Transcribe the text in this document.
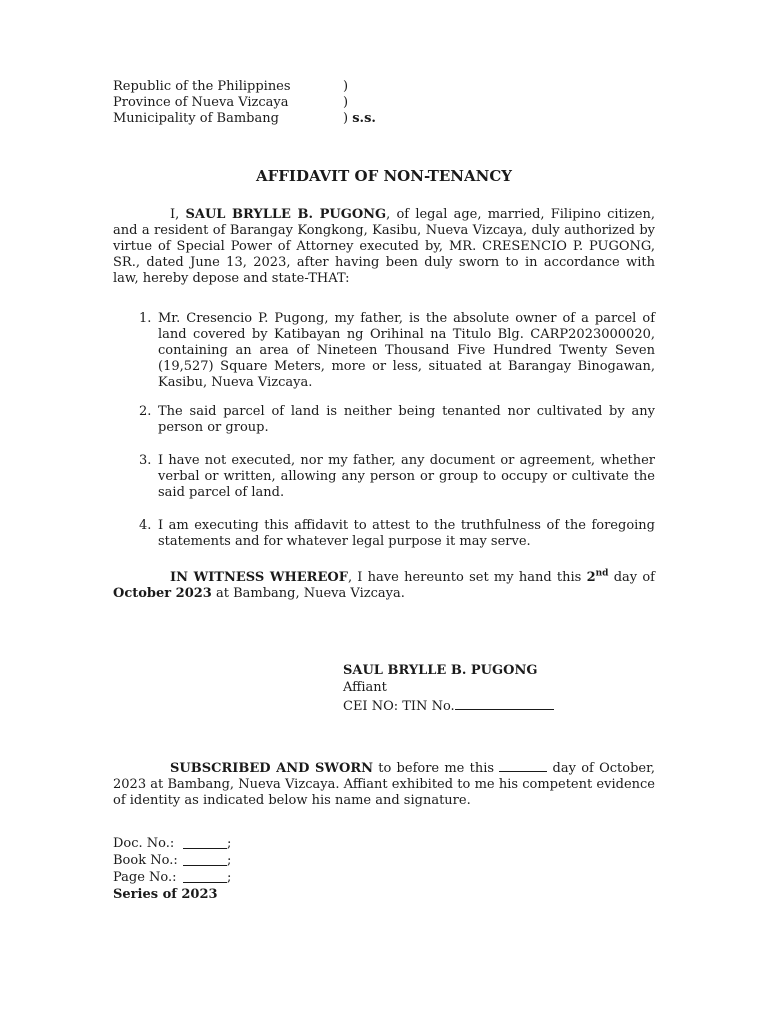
Republic of the Philippines	)
Province of Nueva Vizcaya	)
Municipality of Bambang	) s.s.
AFFIDAVIT OF NON-TENANCY
I, SAUL BRYLLE B. PUGONG, of legal age, married, Filipino citizen, and a resident of Barangay Kongkong, Kasibu, Nueva Vizcaya, duly authorized by virtue of Special Power of Attorney executed by, MR. CRESENCIO P. PUGONG, SR., dated June 13, 2023, after having been duly sworn to in accordance with law, hereby depose and state-THAT:
1. Mr. Cresencio P. Pugong, my father, is the absolute owner of a parcel of land covered by Katibayan ng Orihinal na Titulo Blg. CARP2023000020, containing an area of Nineteen Thousand Five Hundred Twenty Seven (19,527) Square Meters, more or less, situated at Barangay Binogawan, Kasibu, Nueva Vizcaya.
2. The said parcel of land is neither being tenanted nor cultivated by any person or group.
3. I have not executed, nor my father, any document or agreement, whether verbal or written, allowing any person or group to occupy or cultivate the said parcel of land.
4. I am executing this affidavit to attest to the truthfulness of the foregoing statements and for whatever legal purpose it may serve.
IN WITNESS WHEREOF, I have hereunto set my hand this 2nd day of October 2023 at Bambang, Nueva Vizcaya.
SAUL BRYLLE B. PUGONG
Affiant
CEI NO: TIN No.
SUBSCRIBED AND SWORN to before me this	day of October, 2023 at Bambang, Nueva Vizcaya. Affiant exhibited to me his competent evidence of identity as indicated below his name and signature.
Doc. No.:	;
Book No.:	;
Page No.:	;
Series of 2023
